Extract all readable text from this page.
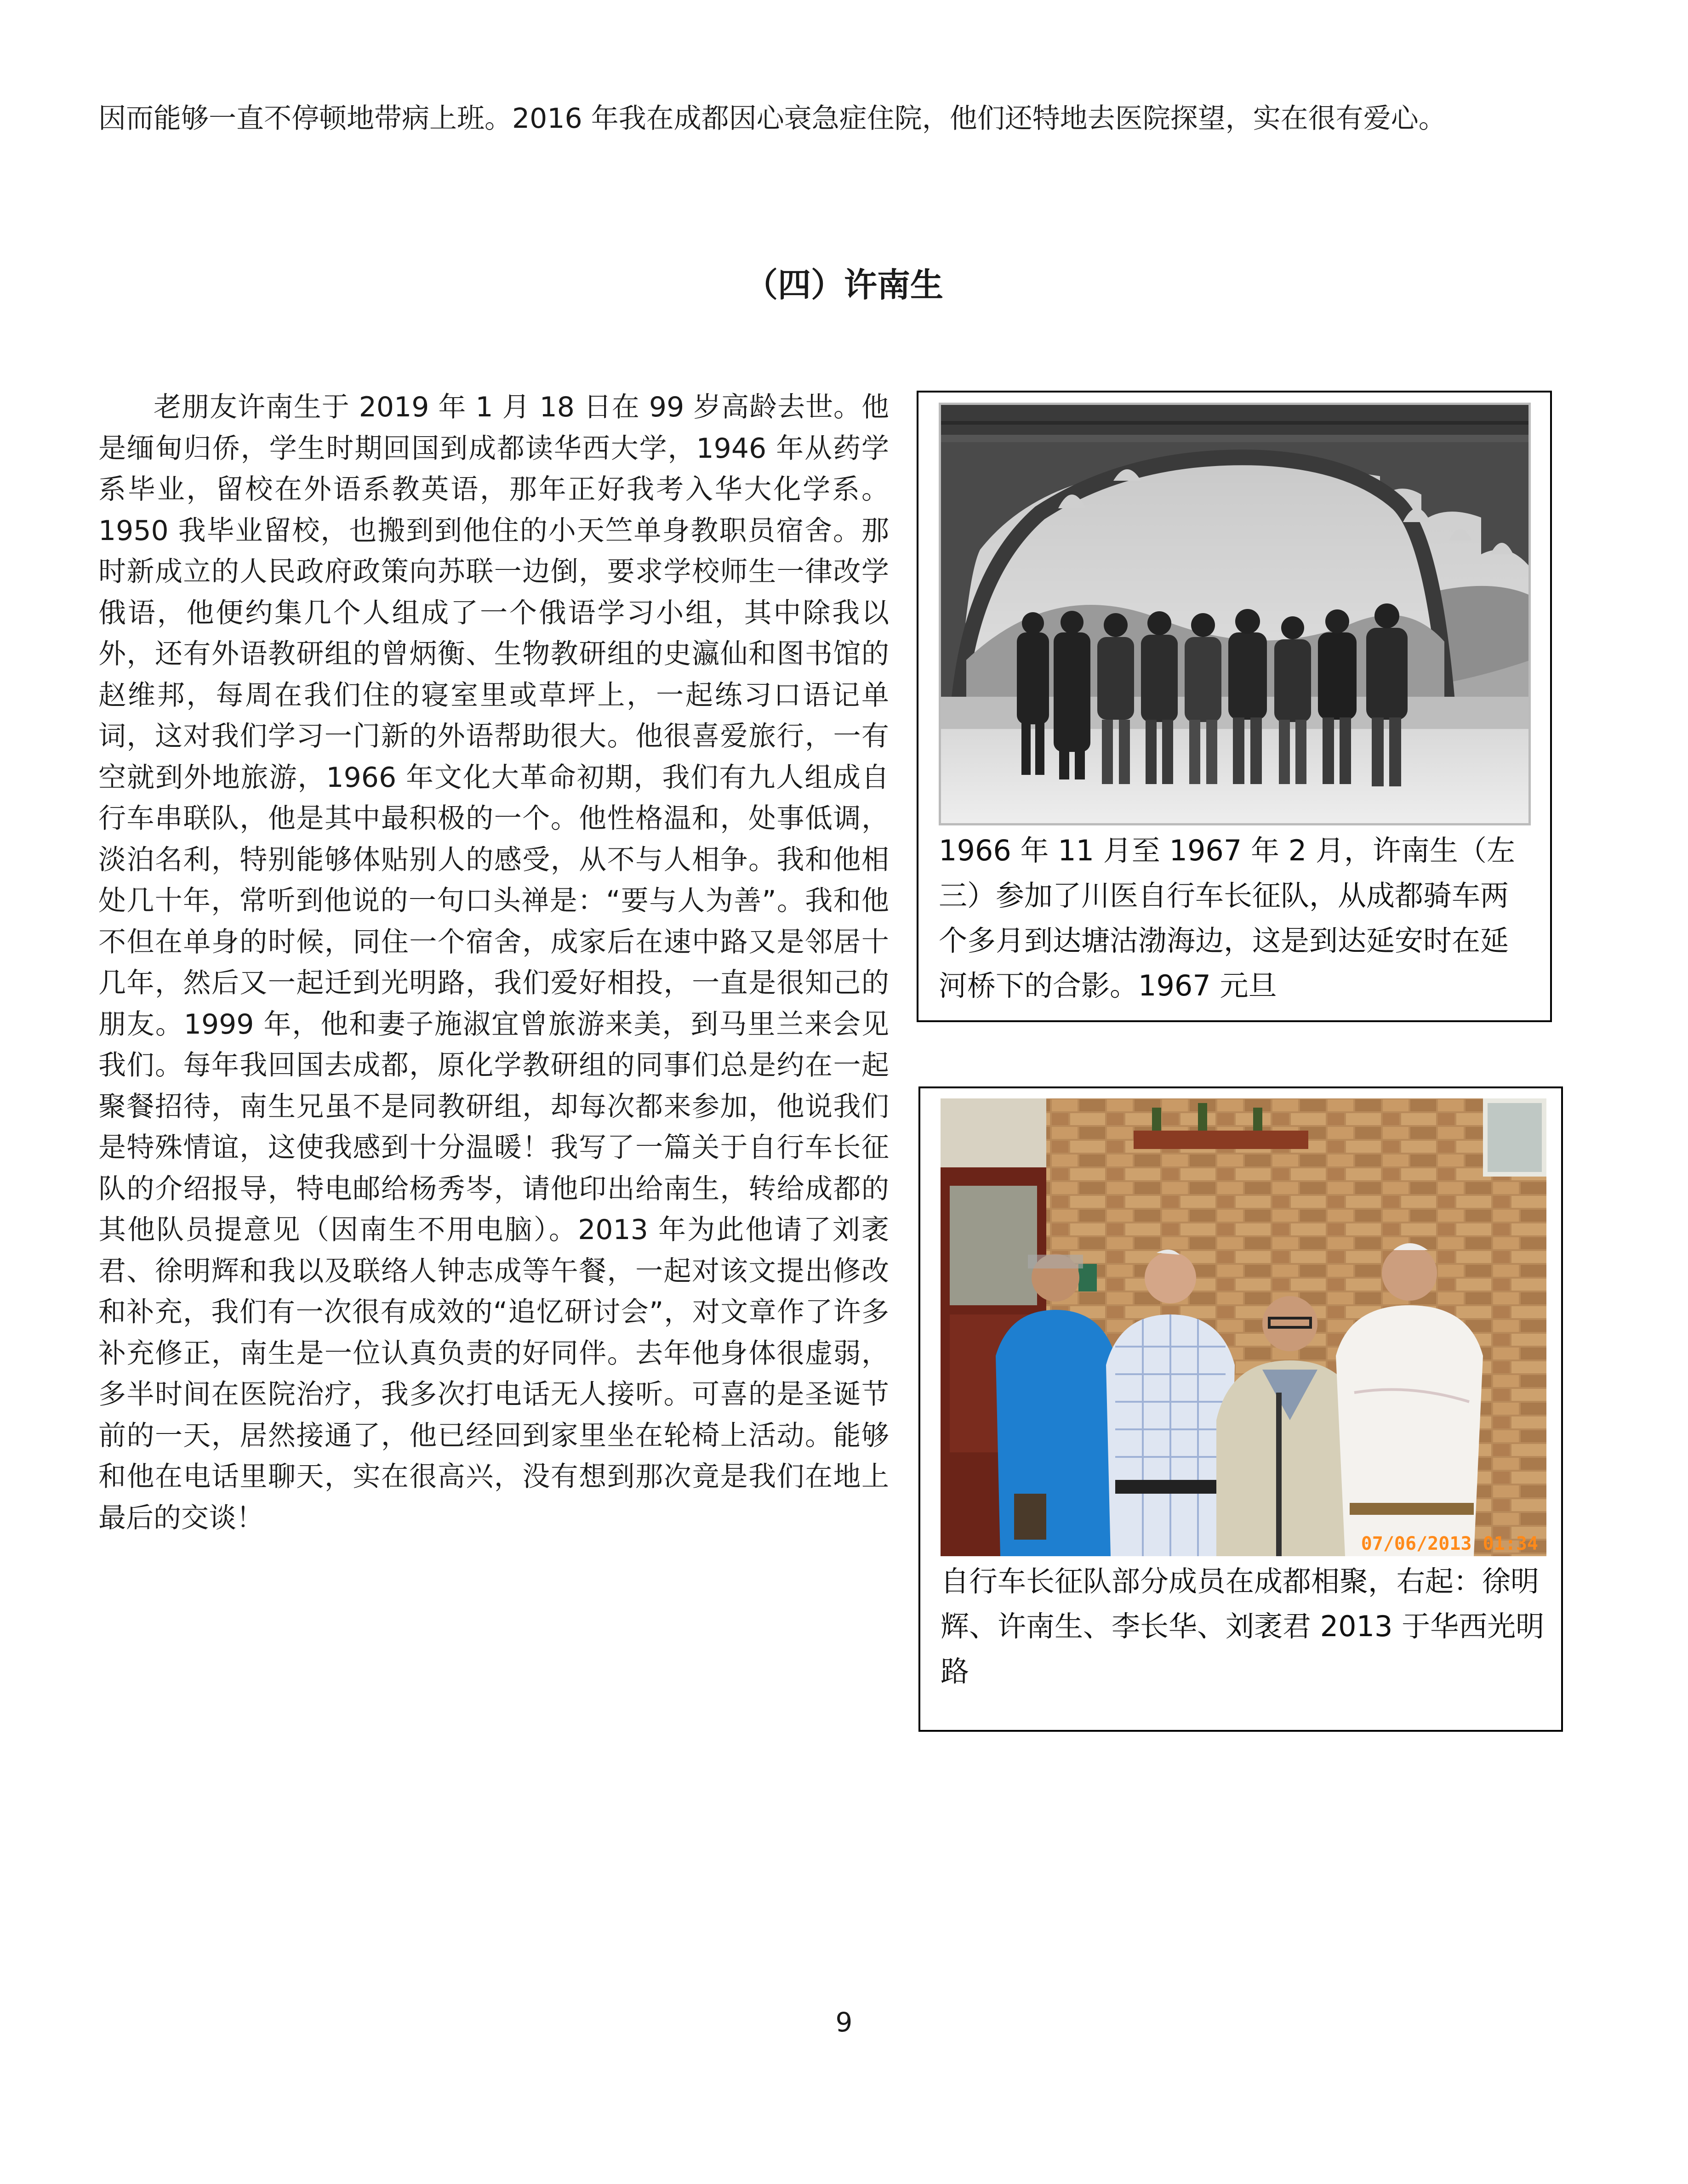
因而能够一直不停顿地带病上班。2016 年我在成都因心衰急症住院，他们还特地去医院探望，实在很有爱心。
（四）许南生
老朋友许南生于 2019 年 1 月 18 日在 99 岁高龄去世。他是缅甸归侨，学生时期回国到成都读华西大学，1946 年从药学系毕业，留校在外语系教英语，那年正好我考入华大化学系。1950 我毕业留校，也搬到到他住的小天竺单身教职员宿舍。那时新成立的人民政府政策向苏联一边倒，要求学校师生一律改学俄语，他便约集几个人组成了一个俄语学习小组，其中除我以外，还有外语教研组的曾炳衡、生物教研组的史瀛仙和图书馆的赵维邦，每周在我们住的寝室里或草坪上，一起练习口语记单词，这对我们学习一门新的外语帮助很大。他很喜爱旅行，一有空就到外地旅游，1966 年文化大革命初期，我们有九人组成自行车串联队，他是其中最积极的一个。他性格温和，处事低调，淡泊名利，特别能够体贴别人的感受，从不与人相争。我和他相处几十年，常听到他说的一句口头禅是：“要与人为善”。我和他不但在单身的时候，同住一个宿舍，成家后在速中路又是邻居十几年，然后又一起迁到光明路，我们爱好相投，一直是很知己的朋友。1999 年，他和妻子施淑宜曾旅游来美，到马里兰来会见我们。每年我回国去成都，原化学教研组的同事们总是约在一起聚餐招待，南生兄虽不是同教研组，却每次都来参加，他说我们是特殊情谊，这使我感到十分温暖！我写了一篇关于自行车长征队的介绍报导，特电邮给杨秀岑，请他印出给南生，转给成都的其他队员提意见（因南生不用电脑）。2013 年为此他请了刘袤君、徐明辉和我以及联络人钟志成等午餐，一起对该文提出修改和补充，我们有一次很有成效的“追忆研讨会”，对文章作了许多补充修正，南生是一位认真负责的好同伴。去年他身体很虚弱，多半时间在医院治疗，我多次打电话无人接听。可喜的是圣诞节前的一天，居然接通了，他已经回到家里坐在轮椅上活动。能够和他在电话里聊天，实在很高兴，没有想到那次竟是我们在地上最后的交谈！
1966 年 11 月至 1967 年 2 月，许南生（左三）参加了川医自行车长征队，从成都骑车两个多月到达塘沽渤海边，这是到达延安时在延河桥下的合影。1967 元旦
07/06/2013 01:34
自行车长征队部分成员在成都相聚，右起：徐明辉、许南生、李长华、刘袤君 2013 于华西光明路
9
